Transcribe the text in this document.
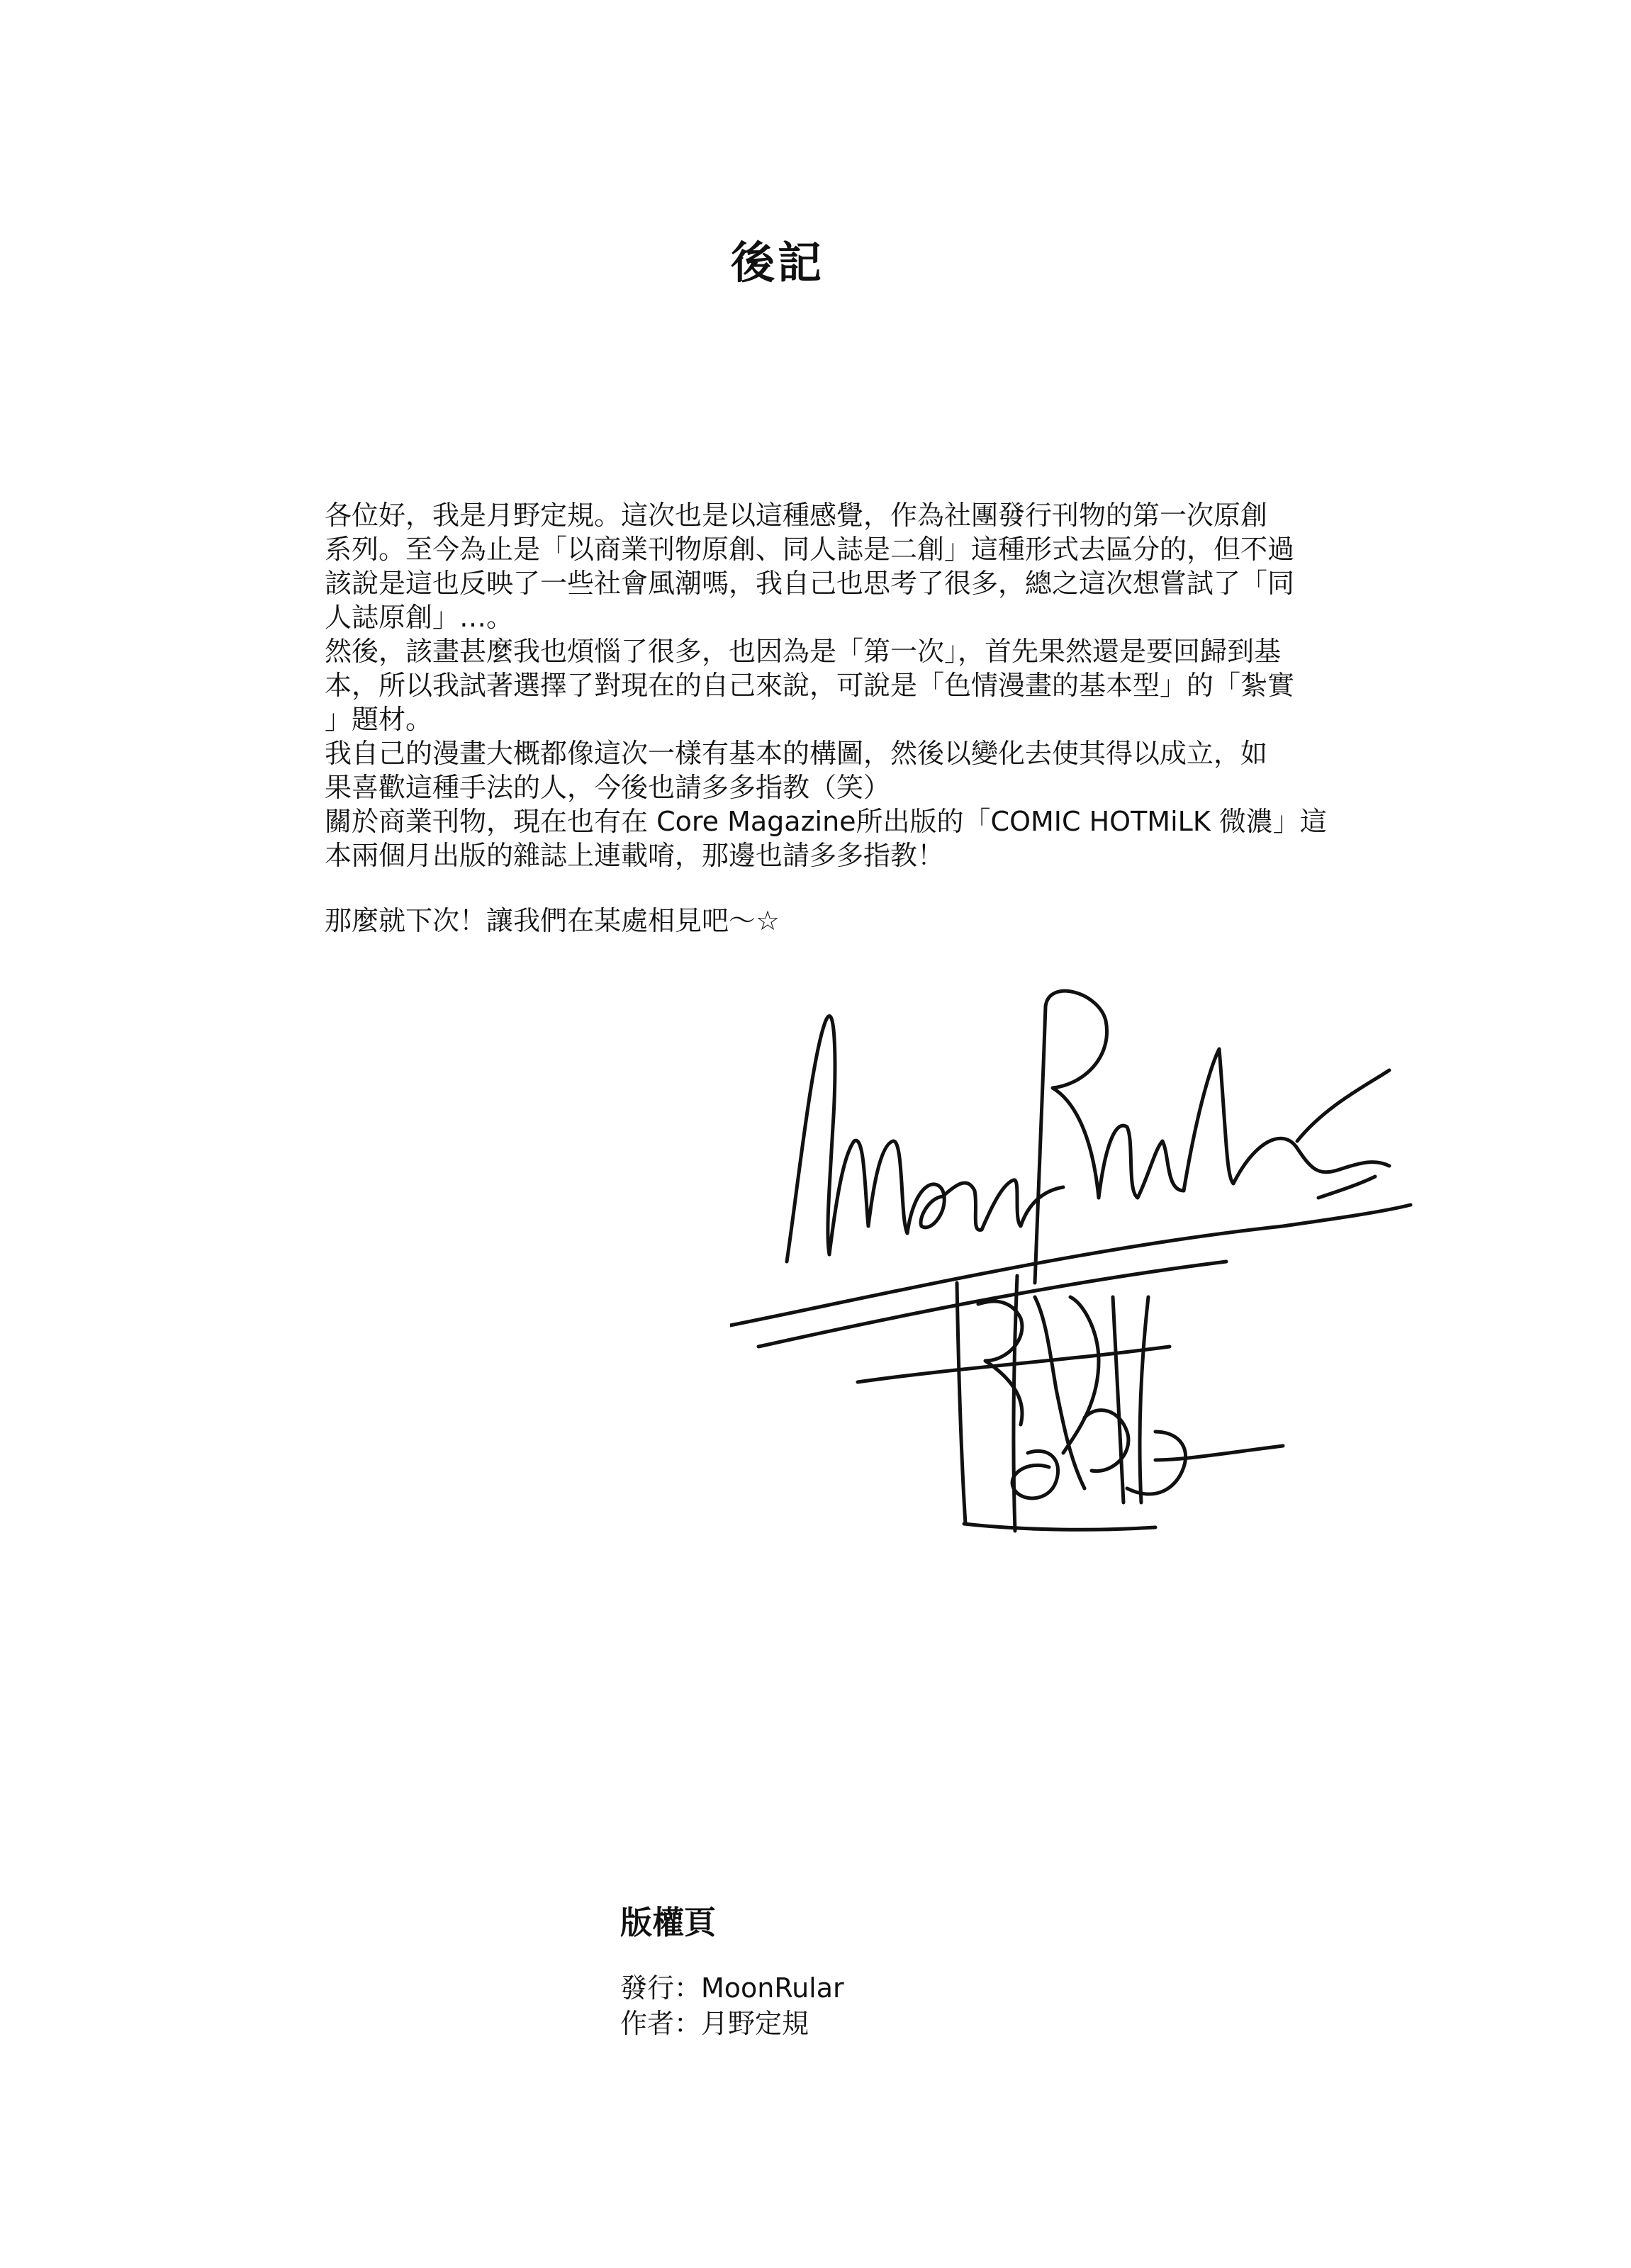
後記
各位好，我是月野定規。這次也是以這種感覺，作為社團發行刊物的第一次原創
系列。至今為止是「以商業刊物原創、同人誌是二創」這種形式去區分的，但不過
該說是這也反映了一些社會風潮嗎，我自己也思考了很多，總之這次想嘗試了「同
人誌原創」…。
然後，該畫甚麼我也煩惱了很多，也因為是「第一次」，首先果然還是要回歸到基
本，所以我試著選擇了對現在的自己來說，可說是「色情漫畫的基本型」的「紮實
」題材。
我自己的漫畫大概都像這次一樣有基本的構圖，然後以變化去使其得以成立，如
果喜歡這種手法的人，今後也請多多指教（笑）
關於商業刊物，現在也有在 Core Magazine所出版的「COMIC HOTMiLK 微濃」這
本兩個月出版的雜誌上連載唷，那邊也請多多指教！
那麼就下次！讓我們在某處相見吧～☆
版權頁
發行：MoonRular
作者：月野定規
